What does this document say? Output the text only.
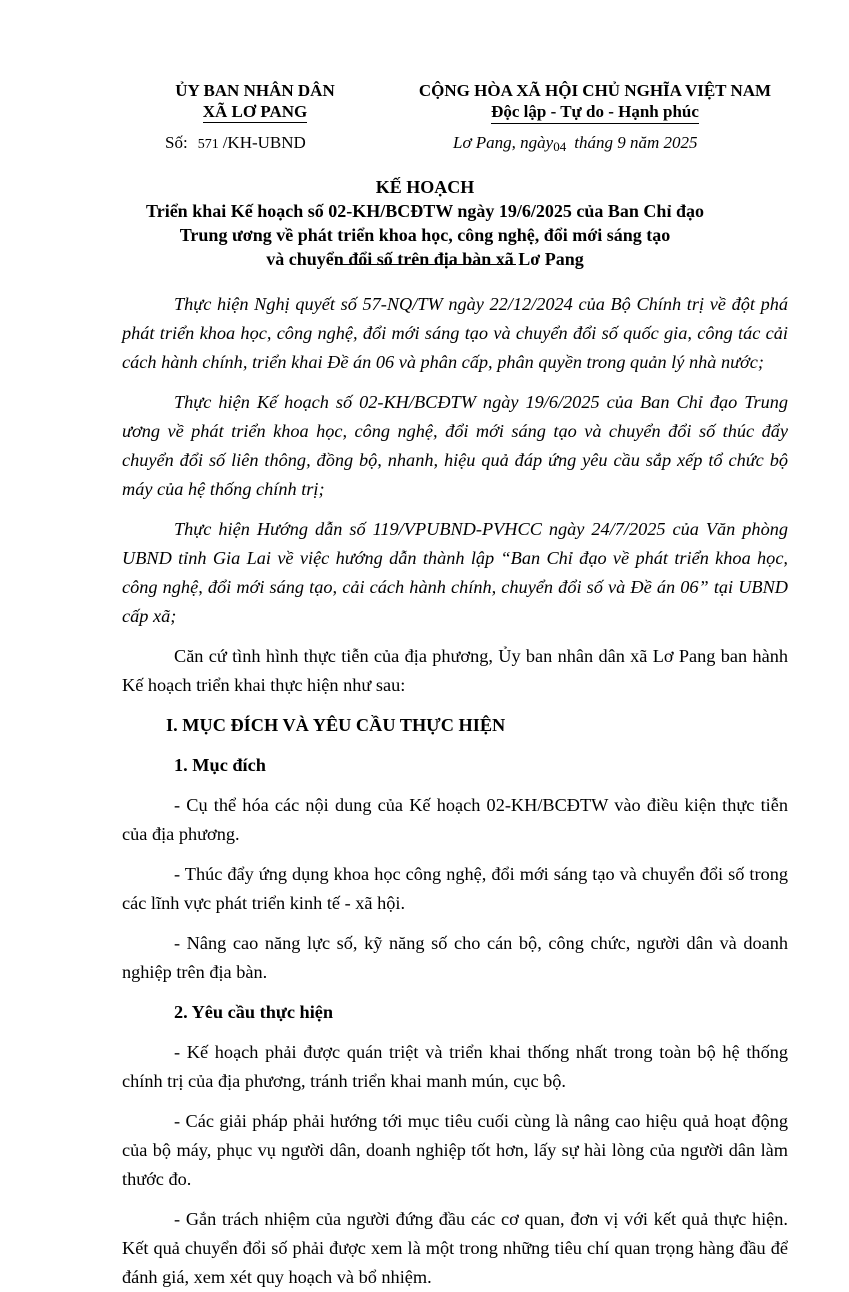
ỦY BAN NHÂN DÂN
XÃ LƠ PANG
CỘNG HÒA XÃ HỘI CHỦ NGHĨA VIỆT NAM
Độc lập - Tự do - Hạnh phúc
Số: 571 /KH-UBND	Lơ Pang, ngày04 tháng 9 năm 2025
KẾ HOẠCH
Triển khai Kế hoạch số 02-KH/BCĐTW ngày 19/6/2025 của Ban Chỉ đạo
Trung ương về phát triển khoa học, công nghệ, đổi mới sáng tạo
và chuyển đổi số trên địa bàn xã Lơ Pang

Thực hiện Nghị quyết số 57-NQ/TW ngày 22/12/2024 của Bộ Chính trị về đột phá phát triển khoa học, công nghệ, đổi mới sáng tạo và chuyển đổi số quốc gia, công tác cải cách hành chính, triển khai Đề án 06 và phân cấp, phân quyền trong quản lý nhà nước;

Thực hiện Kế hoạch số 02-KH/BCĐTW ngày 19/6/2025 của Ban Chỉ đạo Trung ương về phát triển khoa học, công nghệ, đổi mới sáng tạo và chuyển đổi số thúc đẩy chuyển đổi số liên thông, đồng bộ, nhanh, hiệu quả đáp ứng yêu cầu sắp xếp tổ chức bộ máy của hệ thống chính trị;

Thực hiện Hướng dẫn số 119/VPUBND-PVHCC ngày 24/7/2025 của Văn phòng UBND tỉnh Gia Lai về việc hướng dẫn thành lập “Ban Chỉ đạo về phát triển khoa học, công nghệ, đổi mới sáng tạo, cải cách hành chính, chuyển đổi số và Đề án 06” tại UBND cấp xã;

Căn cứ tình hình thực tiễn của địa phương, Ủy ban nhân dân xã Lơ Pang ban hành Kế hoạch triển khai thực hiện như sau:

I. MỤC ĐÍCH VÀ YÊU CẦU THỰC HIỆN

1. Mục đích

- Cụ thể hóa các nội dung của Kế hoạch 02-KH/BCĐTW vào điều kiện thực tiễn của địa phương.

- Thúc đẩy ứng dụng khoa học công nghệ, đổi mới sáng tạo và chuyển đổi số trong các lĩnh vực phát triển kinh tế - xã hội.

- Nâng cao năng lực số, kỹ năng số cho cán bộ, công chức, người dân và doanh nghiệp trên địa bàn.

2. Yêu cầu thực hiện

- Kế hoạch phải được quán triệt và triển khai thống nhất trong toàn bộ hệ thống chính trị của địa phương, tránh triển khai manh mún, cục bộ.

- Các giải pháp phải hướng tới mục tiêu cuối cùng là nâng cao hiệu quả hoạt động của bộ máy, phục vụ người dân, doanh nghiệp tốt hơn, lấy sự hài lòng của người dân làm thước đo.

- Gắn trách nhiệm của người đứng đầu các cơ quan, đơn vị với kết quả thực hiện. Kết quả chuyển đổi số phải được xem là một trong những tiêu chí quan trọng hàng đầu để đánh giá, xem xét quy hoạch và bổ nhiệm.
